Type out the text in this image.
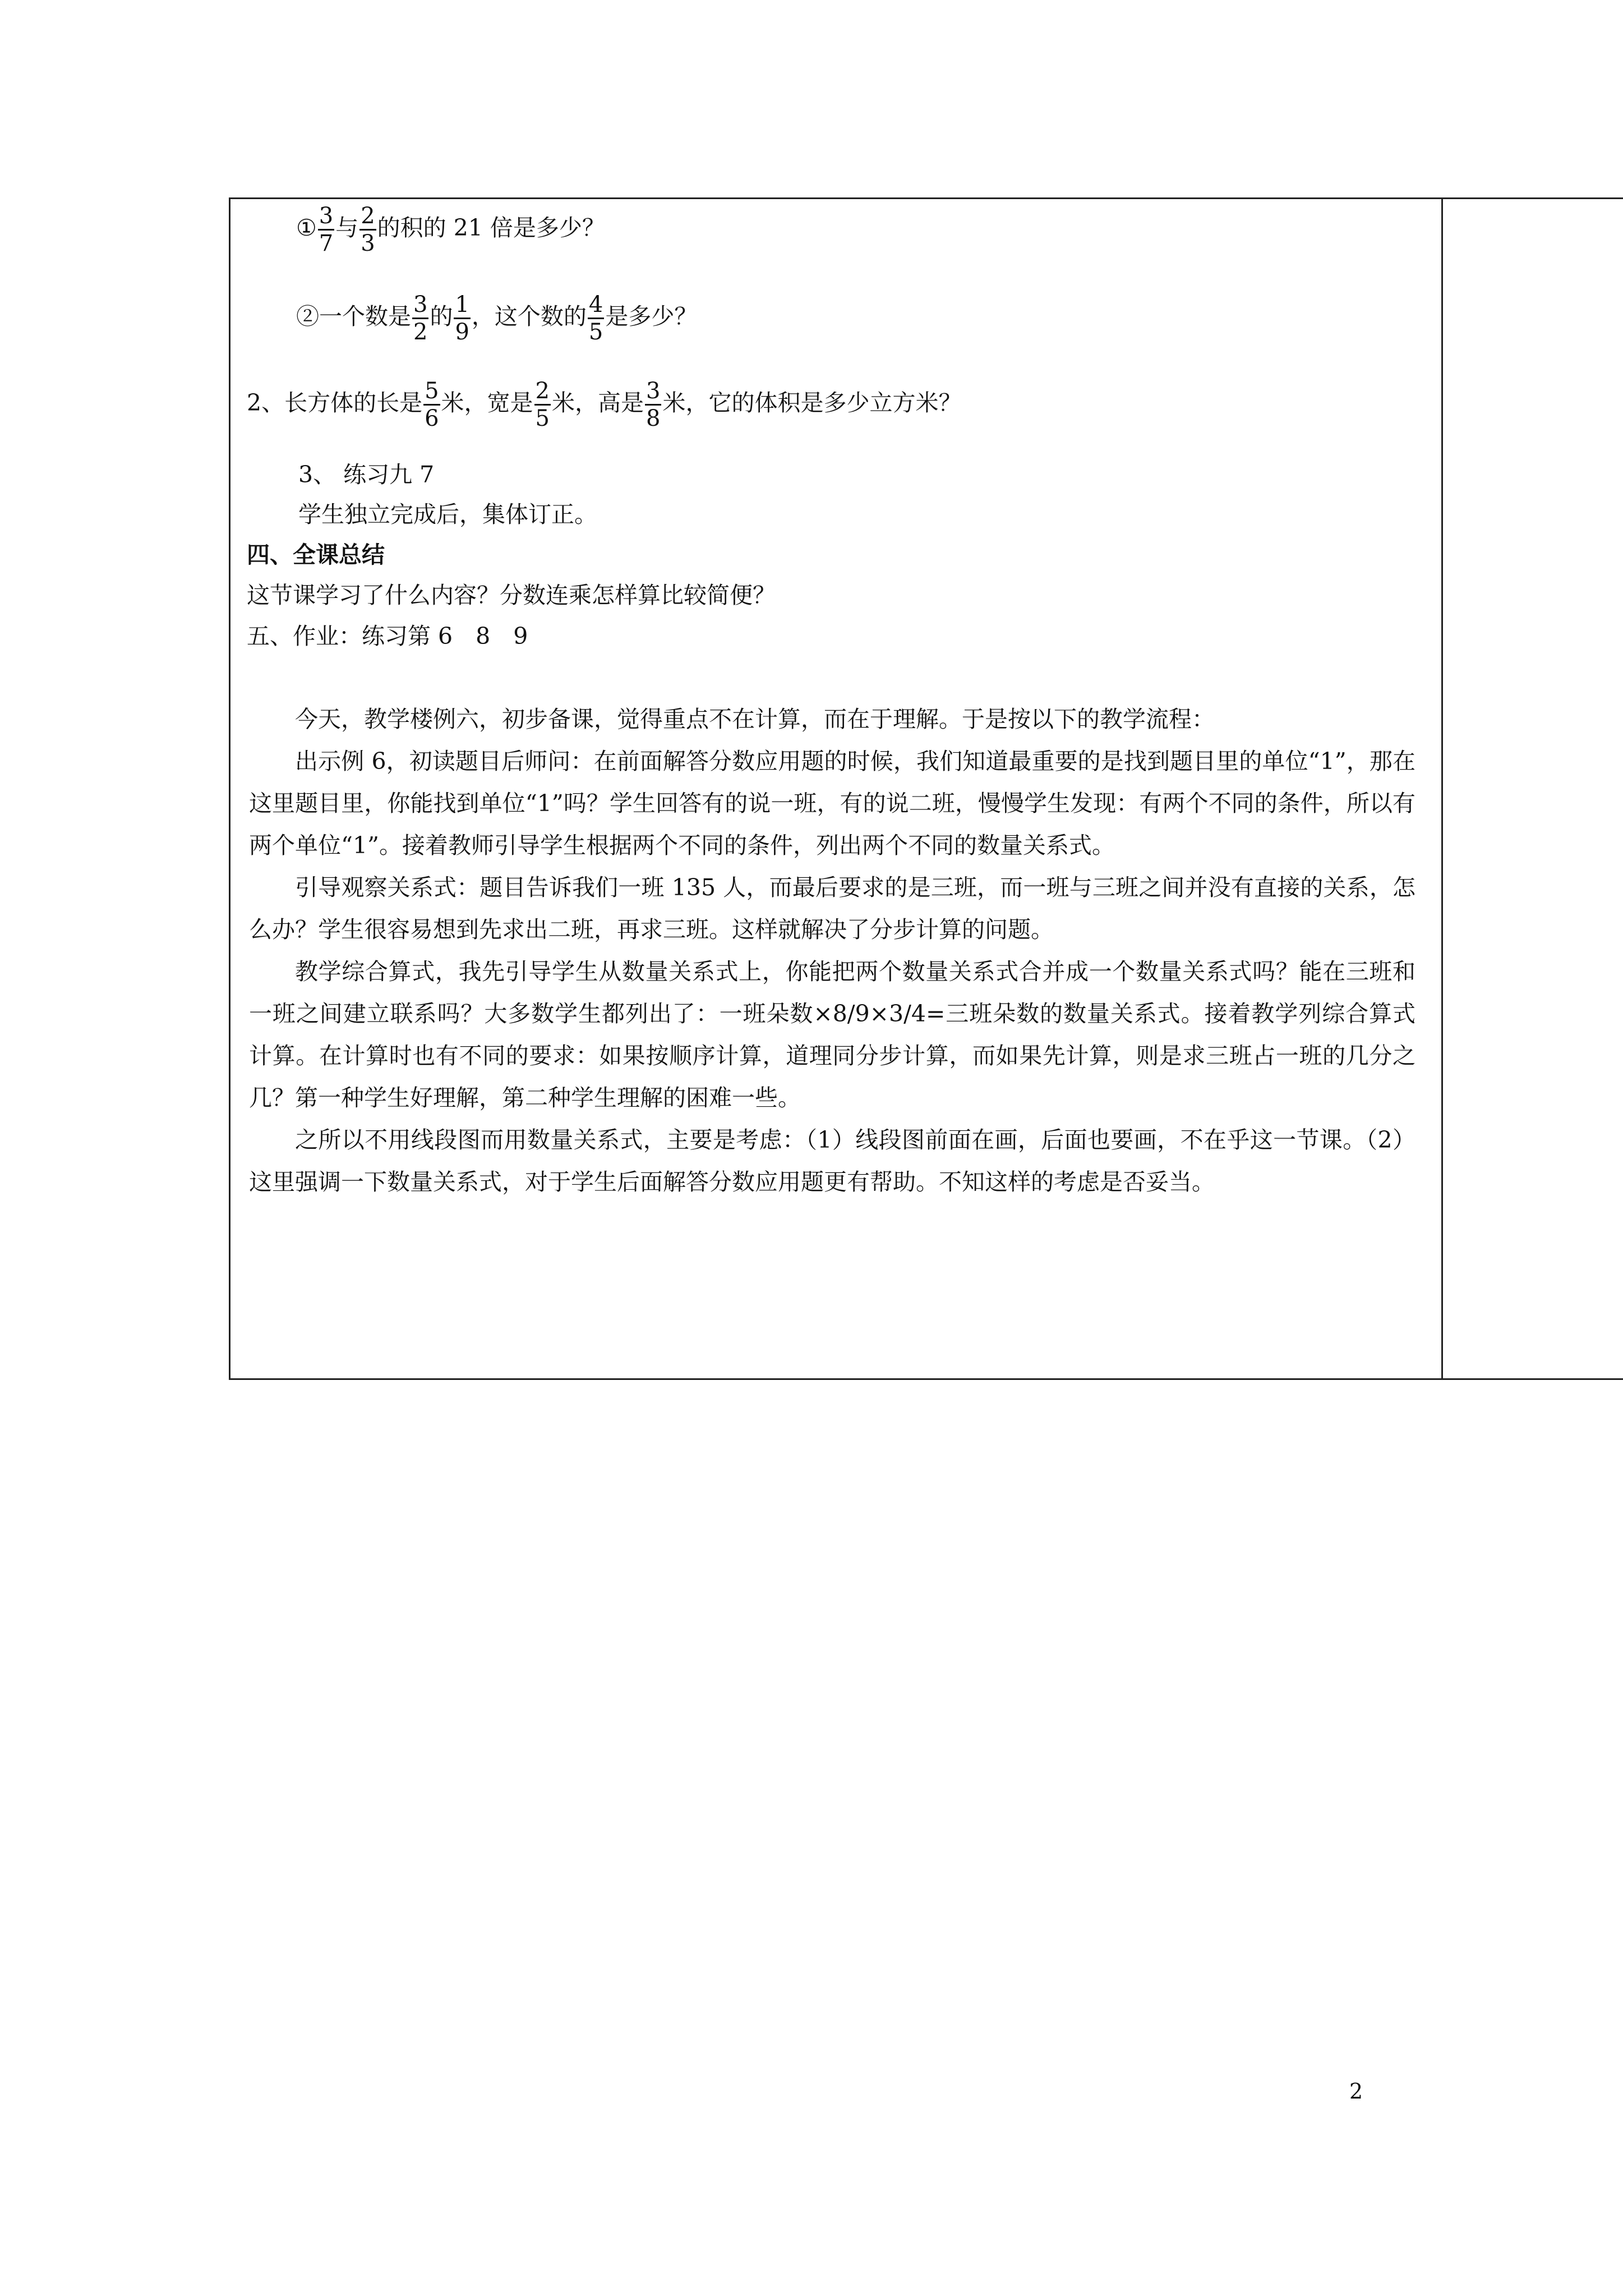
① $\frac{3}{7}$ 与 $\frac{2}{3}$ 的积的 21 倍是多少？
②一个数是 $\frac{3}{2}$ 的 $\frac{1}{9}$ ，这个数的 $\frac{4}{5}$ 是多少？
2、长方体的长是 $\frac{5}{6}$ 米，宽是 $\frac{2}{5}$ 米，高是 $\frac{3}{8}$ 米，它的体积是多少立方米？
3、 练习九 7
学生独立完成后，集体订正。
四、全课总结
这节课学习了什么内容？分数连乘怎样算比较简便？
五、作业：练习第 6　8　9

今天，教学楼例六，初步备课，觉得重点不在计算，而在于理解。于是按以下的教学流程：

出示例 6，初读题目后师问：在前面解答分数应用题的时候，我们知道最重要的是找到题目里的单位“1”，那在这里题目里，你能找到单位“1”吗？学生回答有的说一班，有的说二班，慢慢学生发现：有两个不同的条件，所以有两个单位“1”。接着教师引导学生根据两个不同的条件，列出两个不同的数量关系式。

引导观察关系式：题目告诉我们一班 135 人，而最后要求的是三班，而一班与三班之间并没有直接的关系，怎么办？学生很容易想到先求出二班，再求三班。这样就解决了分步计算的问题。

教学综合算式，我先引导学生从数量关系式上，你能把两个数量关系式合并成一个数量关系式吗？能在三班和一班之间建立联系吗？大多数学生都列出了：一班朵数×8/9×3/4=三班朵数的数量关系式。接着教学列综合算式计算。在计算时也有不同的要求：如果按顺序计算，道理同分步计算，而如果先计算，则是求三班占一班的几分之几？第一种学生好理解，第二种学生理解的困难一些。

之所以不用线段图而用数量关系式，主要是考虑：（1）线段图前面在画，后面也要画，不在乎这一节课。（2）这里强调一下数量关系式，对于学生后面解答分数应用题更有帮助。不知这样的考虑是否妥当。

2
